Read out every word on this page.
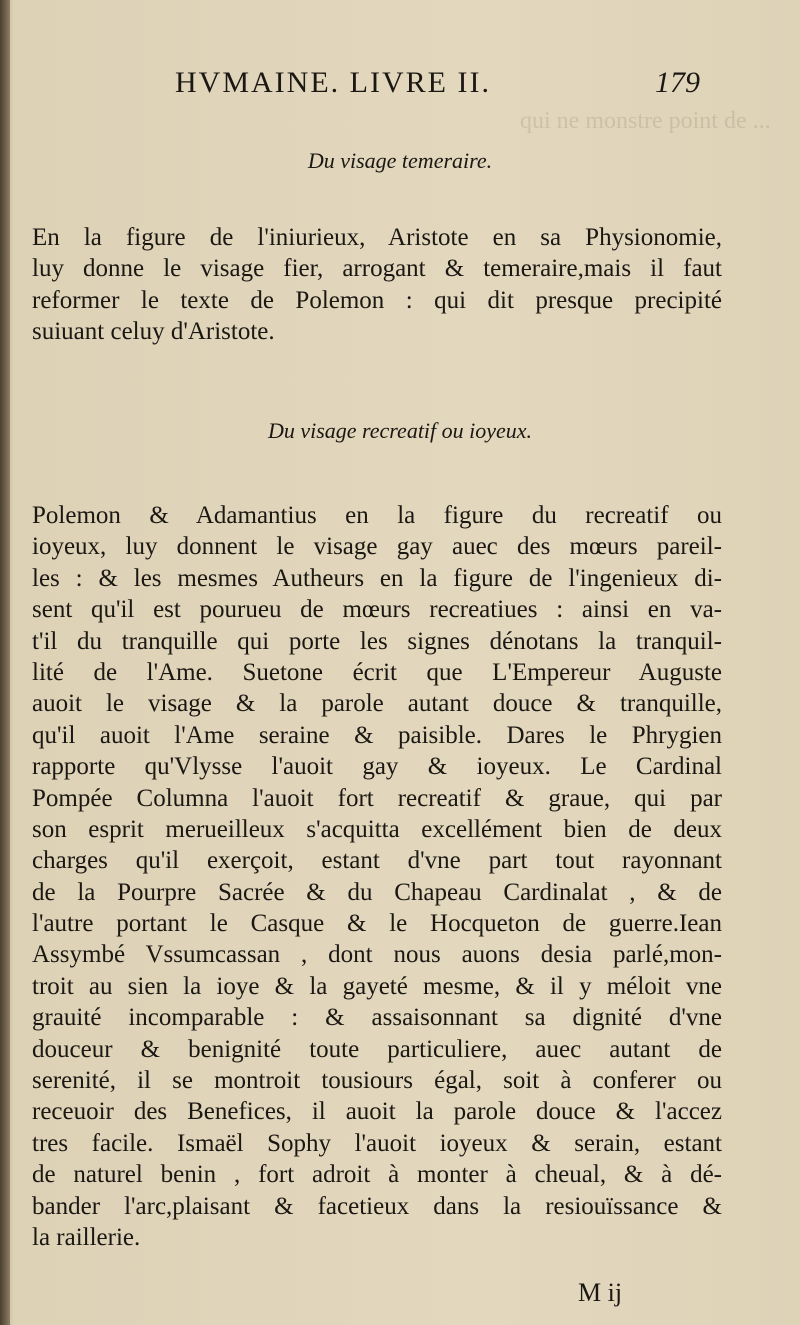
qui ne monstre point de ...
HVMAINE. LIVRE II.	179
Du visage temeraire.
En la figure de l'iniurieux, Aristote en sa Physionomie,
luy donne le visage fier, arrogant & temeraire,mais il faut
reformer le texte de Polemon : qui dit presque precipité
suiuant celuy d'Aristote.
Du visage recreatif ou ioyeux.
Polemon & Adamantius en la figure du recreatif ou
ioyeux, luy donnent le visage gay auec des mœurs pareil-
les : & les mesmes Autheurs en la figure de l'ingenieux di-
sent qu'il est pourueu de mœurs recreatiues : ainsi en va-
t'il du tranquille qui porte les signes dénotans la tranquil-
lité de l'Ame. Suetone écrit que L'Empereur Auguste
auoit le visage & la parole autant douce & tranquille,
qu'il auoit l'Ame seraine & paisible. Dares le Phrygien
rapporte qu'Vlysse l'auoit gay & ioyeux. Le Cardinal
Pompée Columna l'auoit fort recreatif & graue, qui par
son esprit merueilleux s'acquitta excellément bien de deux
charges qu'il exerçoit, estant d'vne part tout rayonnant
de la Pourpre Sacrée & du Chapeau Cardinalat , & de
l'autre portant le Casque & le Hocqueton de guerre.Iean
Assymbé Vssumcassan , dont nous auons desia parlé,mon-
troit au sien la ioye & la gayeté mesme, & il y méloit vne
grauité incomparable : & assaisonnant sa dignité d'vne
douceur & benignité toute particuliere, auec autant de
serenité, il se montroit tousiours égal, soit à conferer ou
receuoir des Benefices, il auoit la parole douce & l'accez
tres facile. Ismaël Sophy l'auoit ioyeux & serain, estant
de naturel benin , fort adroit à monter à cheual, & à dé-
bander l'arc,plaisant & facetieux dans la resiouïssance &
la raillerie.
M ij
